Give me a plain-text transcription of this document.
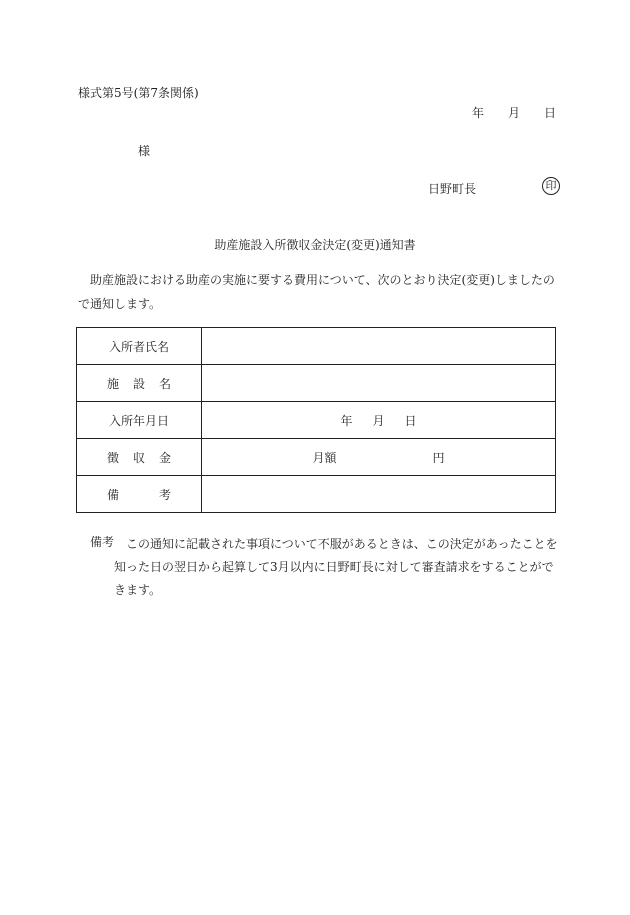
様式第5号(第7条関係)
年 月 日
様
日野町長	印
助産施設入所徴収金決定(変更)通知書
助産施設における助産の実施に要する費用について、次のとおり決定(変更)しましたので通知します。
入所者氏名	
施設名	
入所年月日	年 月 日
徴収金	月額 円
備考	
備考 この通知に記載された事項について不服があるときは、この決定があったことを
知った日の翌日から起算して3月以内に日野町長に対して審査請求をすることがで
きます。
